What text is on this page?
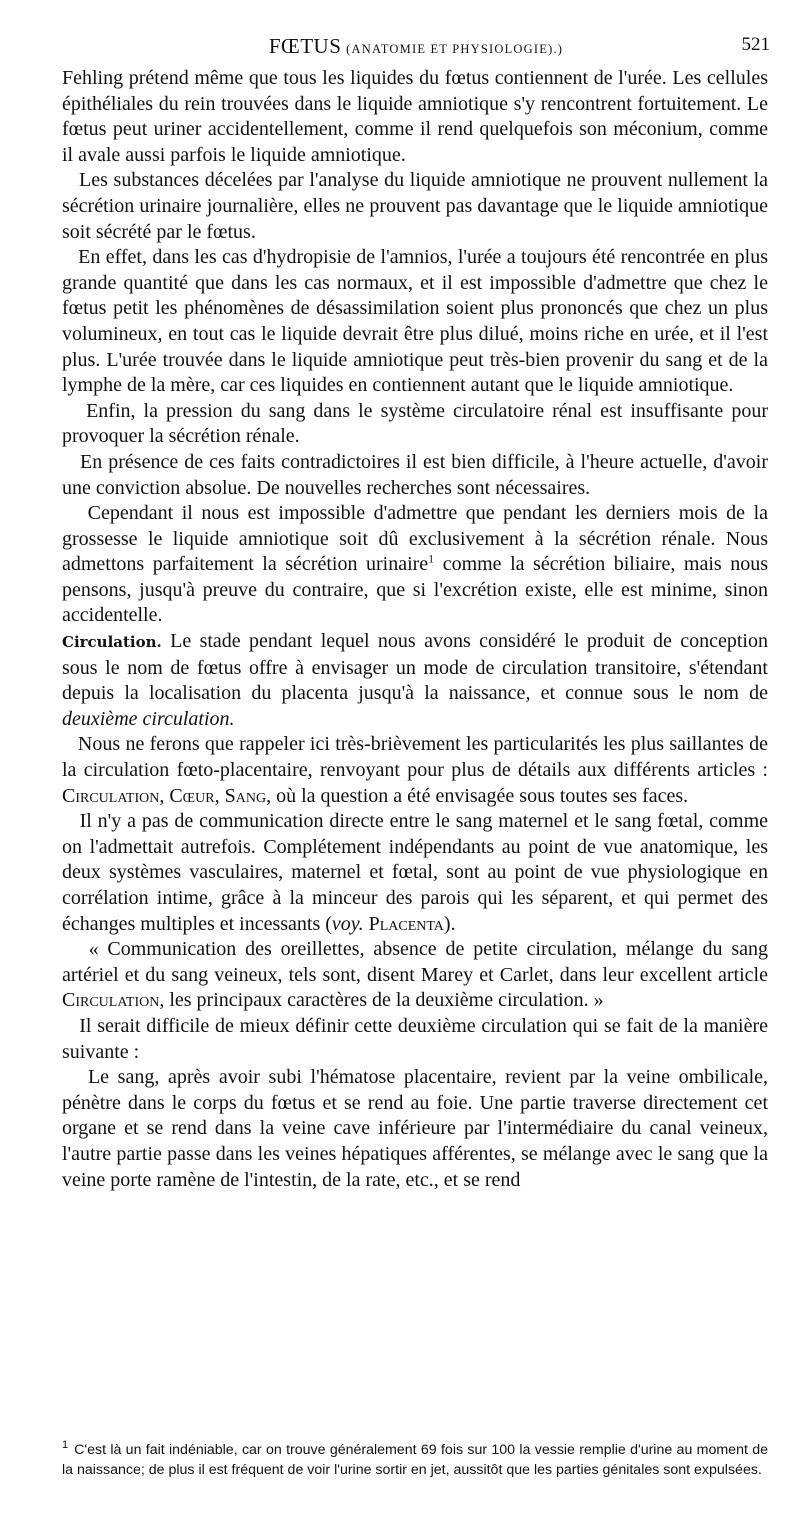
FŒTUS (ANATOMIE ET PHYSIOLOGIE).)	521

Fehling prétend même que tous les liquides du fœtus contiennent de l'urée. Les cellules épithéliales du rein trouvées dans le liquide amniotique s'y rencontrent fortuitement. Le fœtus peut uriner accidentellement, comme il rend quelquefois son méconium, comme il avale aussi parfois le liquide amniotique.

Les substances décelées par l'analyse du liquide amniotique ne prouvent nullement la sécrétion urinaire journalière, elles ne prouvent pas davantage que le liquide amniotique soit sécrété par le fœtus.

En effet, dans les cas d'hydropisie de l'amnios, l'urée a toujours été rencontrée en plus grande quantité que dans les cas normaux, et il est impossible d'admettre que chez le fœtus petit les phénomènes de désassimilation soient plus prononcés que chez un plus volumineux, en tout cas le liquide devrait être plus dilué, moins riche en urée, et il l'est plus. L'urée trouvée dans le liquide amniotique peut très-bien provenir du sang et de la lymphe de la mère, car ces liquides en contiennent autant que le liquide amniotique.

Enfin, la pression du sang dans le système circulatoire rénal est insuffisante pour provoquer la sécrétion rénale.

En présence de ces faits contradictoires il est bien difficile, à l'heure actuelle, d'avoir une conviction absolue. De nouvelles recherches sont nécessaires.

Cependant il nous est impossible d'admettre que pendant les derniers mois de la grossesse le liquide amniotique soit dû exclusivement à la sécrétion rénale. Nous admettons parfaitement la sécrétion urinaire$^1$ comme la sécrétion biliaire, mais nous pensons, jusqu'à preuve du contraire, que si l'excrétion existe, elle est minime, sinon accidentelle.

Circulation. Le stade pendant lequel nous avons considéré le produit de conception sous le nom de fœtus offre à envisager un mode de circulation transitoire, s'étendant depuis la localisation du placenta jusqu'à la naissance, et connue sous le nom de deuxième circulation.

Nous ne ferons que rappeler ici très-brièvement les particularités les plus saillantes de la circulation fœto-placentaire, renvoyant pour plus de détails aux différents articles : Circulation, Cœur, Sang, où la question a été envisagée sous toutes ses faces.

Il n'y a pas de communication directe entre le sang maternel et le sang fœtal, comme on l'admettait autrefois. Complétement indépendants au point de vue anatomique, les deux systèmes vasculaires, maternel et fœtal, sont au point de vue physiologique en corrélation intime, grâce à la minceur des parois qui les séparent, et qui permet des échanges multiples et incessants (voy. Placenta).

« Communication des oreillettes, absence de petite circulation, mélange du sang artériel et du sang veineux, tels sont, disent Marey et Carlet, dans leur excellent article Circulation, les principaux caractères de la deuxième circulation. »

Il serait difficile de mieux définir cette deuxième circulation qui se fait de la manière suivante :

Le sang, après avoir subi l'hématose placentaire, revient par la veine ombilicale, pénètre dans le corps du fœtus et se rend au foie. Une partie traverse directement cet organe et se rend dans la veine cave inférieure par l'intermédiaire du canal veineux, l'autre partie passe dans les veines hépatiques afférentes, se mélange avec le sang que la veine porte ramène de l'intestin, de la rate, etc., et se rend

$^1$ C'est là un fait indéniable, car on trouve généralement 69 fois sur 100 la vessie remplie d'urine au moment de la naissance; de plus il est fréquent de voir l'urine sortir en jet, aussitôt que les parties génitales sont expulsées.
